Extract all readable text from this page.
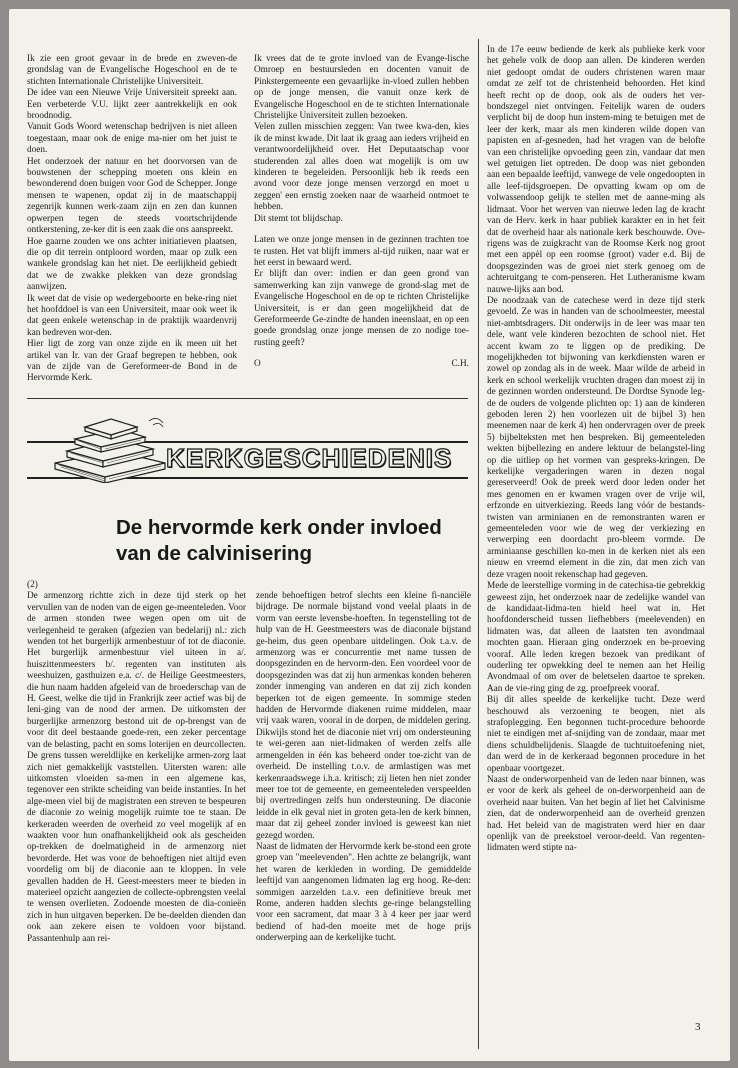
Ik zie een groot gevaar in de brede en zweven-de grondslag van de Evangelische Hogeschool en de te stichten Internationale Christelijke Universiteit.

De idee van een Nieuwe Vrije Universiteit spreekt aan. Een verbeterde V.U. lijkt zeer aantrekkelijk en ook broodnodig.

Vanuit Gods Woord wetenschap bedrijven is niet alleen toegestaan, maar ook de enige ma-nier om het juist te doen.

Het onderzoek der natuur en het doorvorsen van de bouwstenen der schepping moeten ons klein en bewonderend doen buigen voor God de Schepper. Jonge mensen te wapenen, opdat zij in de maatschappij zegenrijk kunnen werk-zaam zijn en zen dan kunnen opwerpen tegen de steeds voortschrijdende ontkerstening, ze-ker dit is een zaak die ons aanspreekt.

Hoe gaarne zouden we ons achter initiatieven plaatsen, die op dit terrein ontploord worden, maar op zulk een wankele grondslag kan het niet. De eerlijkheid gebiedt dat we de zwakke plekken van deze grondslag aanwijzen.

Ik weet dat de visie op wedergeboorte en beke-ring niet het hoofddoel is van een Universiteit, maar ook weet ik dat geen enkele wetenschap in de praktijk waardenvrij kan bedreven wor-den.

Hier ligt de zorg van onze zijde en ik meen uit het artikel van Ir. van der Graaf begrepen te hebben, ook van de zijde van de Gereformeer-de Bond in de Hervormde Kerk.

Ik vrees dat de te grote invloed van de Evange-lische Omroep en bestuursleden en docenten vanuit de Pinkstergemeente een gevaarlijke in-vloed zullen hebben op de jonge mensen, die vanuit onze kerk de Evangelische Hogeschool en de te stichten Internationale Christelijke Universiteit zullen bezoeken.

Velen zullen misschien zeggen: Van twee kwa-den, kies ik de minst kwade. Dit laat ik graag aan ieders vrijheid en verantwoordelijkheid over. Het Deputaatschap voor studerenden zal alles doen wat mogelijk is om uw kinderen te begeleiden. Persoonlijk heb ik reeds een avond voor deze jonge mensen verzorgd en moet u zeggen' een ernstig zoeken naar de waarheid ontmoet te hebben.

Dit stemt tot blijdschap.

Laten we onze jonge mensen in de gezinnen trachten toe te rusten. Het vat blijft immers al-tijd ruiken, naar wat er het eerst in bewaard werd.

Er blijft dan over: indien er dan geen grond van samenwerking kan zijn vanwege de grond-slag met de Evangelische Hogeschool en de op te richten Christelijke Universiteit, is er dan geen mogelijkheid dat de Gereformeerde Ge-zindte de handen ineenslaat, en op een goede grondslag onze jonge mensen de zo nodige toe-rusting geeft?

O	C.H.
KERKGESCHIEDENIS
De hervormde kerk onder invloed van de calvinisering

(2)

De armenzorg richtte zich in deze tijd sterk op het vervullen van de noden van de eigen ge-meenteleden. Voor de armen stonden twee wegen open om uit de verlegenheid te geraken (afgezien van bedelarij) nl.: zich wenden tot het burgerlijk armenbestuur of tot de diaconie. Het burgerlijk armenbestuur viel uiteen in a/. huiszittenmeesters b/. regenten van instituten als weeshuizen, gasthuizen e.a. c/. de Heilige Geestmeesters, die hun naam hadden afgeleid van de broederschap van de H. Geest, welke die tijd in Frankrijk zeer actief was bij de leni-ging van de nood der armen. De uitkomsten der burgerlijke armenzorg bestond uit de op-brengst van de voor dit deel bestaande goede-ren, een zeker percentage van de belasting, pacht en soms loterijen en deurcollecten. De grens tussen wereldlijke en kerkelijke armen-zorg laat zich niet gemakkelijk vaststellen. Uitersten waren: alle uitkomsten vloeiden sa-men in een algemene kas, tegenover een strikte scheiding van beide instanties. In het alge-meen viel bij de magistraten een streven te bespeuren de diaconie zo weinig mogelijk ruimte toe te staan. De kerkeraden weerden de overheid zo veel mogelijk af en waakten voor hun onafhankelijkheid ook als gescheiden op-trekken de doelmatigheid in de armenzorg niet bevorderde. Het was voor de behoeftigen niet altijd even voordelig om bij de diaconie aan te kloppen. In vele gevallen hadden de H. Geest-meesters meer te bieden in materieel opzicht aangezien de collecte-opbrengsten veelal te wensen overlieten. Zodoende moesten de dia-conieën zich in hun uitgaven beperken. De be-deelden dienden dan ook aan zekere eisen te voldoen voor bijstand. Passantenhulp aan rei-

zende behoeftigen betrof slechts een kleine fi-nanciële bijdrage. De normale bijstand vond veelal plaats in de vorm van eerste levensbe-hoeften. In tegenstelling tot de hulp van de H. Geestmeesters was de diaconale bijstand ge-heim, dus geen openbare uitdelingen. Ook t.a.v. de armenzorg was er concurrentie met name tussen de doopsgezinden en de hervorm-den. Een voordeel voor de doopsgezinden was dat zij hun armenkas konden beheren zonder inmenging van anderen en dat zij zich konden beperken tot de eigen gemeente. In sommige steden hadden de Hervormde diakenen ruime middelen, maar vrij vaak waren, vooral in de dorpen, de middelen gering. Dikwijls stond het de diaconie niet vrij om ondersteuning te wei-geren aan niet-lidmaken of werden zelfs alle armengelden in één kas beheerd onder toe-zicht van de overheid. De instelling t.o.v. de armlastigen was met kerkenraadswege i.h.a. kritisch; zij lieten hen niet zonder meer toe tot de gemeente, en gemeenteleden verspeelden bij overtredingen zelfs hun ondersteuning. De diaconie leidde in elk geval niet in groten geta-len de kerk binnen, maar dat zij geheel zonder invloed is geweest kan niet gezegd worden.

Naast de lidmaten der Hervormde kerk be-stond een grote groep van "meelevenden". Hen achtte ze belangrijk, want het waren de kerkleden in wording. De gemiddelde leeftijd van aangenomen lidmaten lag erg hoog. Re-den: sommigen aarzelden t.a.v. een definitieve breuk met Rome, anderen hadden slechts ge-ringe belangstelling voor een sacrament, dat maar 3 à 4 keer per jaar werd bediend of had-den moeite met de hoge prijs onderwerping aan de kerkelijke tucht.

In de 17e eeuw bediende de kerk als publieke kerk voor het gehele volk de doop aan allen. De kinderen werden niet gedoopt omdat de ouders christenen waren maar omdat ze zelf tot de christenheid behoorden. Het kind heeft recht op de doop, ook als de ouders het ver-bondszegel niet ontvingen. Feitelijk waren de ouders verplicht bij de doop hun instem-ming te betuigen met de leer der kerk, maar als men kinderen wilde dopen van papisten en af-gesneden, had het vragen van de belofte van een christelijke opvoeding geen zin, vandaar dat men wel getuigen liet optreden. De doop was niet gebonden aan een bepaalde leeftijd, vanwege de vele ongedoopten in alle leef-tijdsgroepen. De opvatting kwam op om de volwassendoop gelijk te stellen met de aanne-ming als lidmaat. Voor het werven van nieuwe leden lag de kracht van de Herv. kerk in haar publiek karakter en in het feit dat de overheid haar als nationale kerk beschouwde. Ove-rigens was de zuigkracht van de Roomse Kerk nog groot met een appèl op een roomse (groot) vader e.d. Bij de doopsgezinden was de groei niet sterk genoeg om de achteruitgang te com-penseren. Het Lutheranisme kwam nauwe-lijks aan bod.

De noodzaak van de catechese werd in deze tijd sterk gevoeld. Ze was in handen van de schoolmeester, meestal niet-ambtsdragers. Dit onderwijs in de leer was maar ten dele, want vele kinderen bezochten de school niet. Het accent kwam zo te liggen op de prediking. De mogelijkheden tot bijwoning van kerkdiensten waren er zowel op zondag als in de week. Maar wilde de arbeid in kerk en school werkelijk vruchten dragen dan moest zij in de gezinnen worden ondersteund. De Dordtse Synode leg-de de ouders de volgende plichten op: 1) aan de kinderen geboden leren 2) hen voorlezen uit de bijbel 3) hen meenemen naar de kerk 4) hen ondervragen over de preek 5) bijbelteksten met hen bespreken. Bij gemeenteleden wekten bijbellezing en andere lektuur de belangstel-ling op die uitliep op het vormen van gespreks-kringen. De kerkelijke vergaderingen waren in dezen nogal gereserveerd! Ook de preek werd door leden onder het mes genomen en er kwamen vragen over de vrije wil, erfzonde en uitverkiezing. Reeds lang vóór de bestands-twisten van arminianen en de remonstranten waren er gemeenteleden voor wie de weg der verkiezing en verwerping een doordacht pro-bleem vormde. De arminiaanse geschillen ko-men in de kerken niet als een nieuw en vreemd element in die zin, dat men zich van deze vragen nooit rekenschap had gegeven.

Mede de leerstellige vorming in de catechisa-tie gebrekkig geweest zijn, het onderzoek naar de zedelijke wandel van de kandidaat-lidma-ten hield heel wat in. Het hoofdonderscheid tussen liefhebbers (meelevenden) en lidmaten was, dat alleen de laatsten ten avondmaal mochten gaan. Hieraan ging onderzoek en be-proeving vooraf. Alle leden kregen bezoek van predikant of ouderling ter opwekking deel te nemen aan het Heilig Avondmaal of om over de beletselen daartoe te spreken. Aan de vie-ring ging de zg. proefpreek vooraf.

Bij dit alles speelde de kerkelijke tucht. Deze werd beschouwd als verzoening te beogen, niet als strafoplegging. Een begonnen tucht-procedure behoorde niet te eindigen met af-snijding van de zondaar, maar met diens schuldbelijdenis. Slaagde de tuchtuitoefening niet, dan werd de in de kerkeraad begonnen procedure in het openbaar voortgezet.

Naast de onderworpenheid van de leden naar binnen, was er voor de kerk als geheel de on-derworpenheid aan de overheid naar buiten. Van het begin af liet het Calvinisme zien, dat de onderworpenheid aan de overheid grenzen had. Het beleid van de magistraten werd hier en daar openlijk van de preekstoel veroor-deeld. Van regenten-lidmaten werd stipte na-

3
